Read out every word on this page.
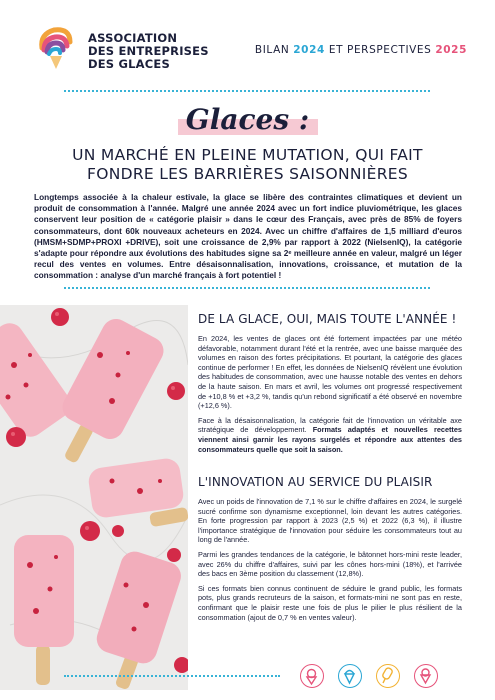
ASSOCIATION
DES ENTREPRISES
DES GLACES
BILAN 2024 ET PERSPECTIVES 2025
Glaces :
UN MARCHÉ EN PLEINE MUTATION, QUI FAIT
FONDRE LES BARRIÈRES SAISONNIÈRES
Longtemps associée à la chaleur estivale, la glace se libère des contraintes climatiques et devient un produit de consommation à l'année. Malgré une année 2024 avec un fort indice pluviométrique, les glaces conservent leur position de « catégorie plaisir » dans le cœur des Français, avec près de 85% de foyers consommateurs, dont 60k nouveaux acheteurs en 2024. Avec un chiffre d'affaires de 1,5 milliard d'euros (HMSM+SDMP+PROXI +DRIVE), soit une croissance de 2,9% par rapport à 2022 (NielsenIQ), la catégorie s'adapte pour répondre aux évolutions des habitudes signe sa 2ᵉ meilleure année en valeur, malgré un léger recul des ventes en volumes. Entre désaisonnalisation, innovations, croissance, et mutation de la consommation : analyse d'un marché français à fort potentiel !
DE LA GLACE, OUI, MAIS TOUTE L'ANNÉE !

En 2024, les ventes de glaces ont été fortement impactées par une météo défavorable, notamment durant l'été et la rentrée, avec une baisse marquée des volumes en raison des fortes précipitations. Et pourtant, la catégorie des glaces continue de performer ! En effet, les données de NielsenIQ révèlent une évolution des habitudes de consommation, avec une hausse notable des ventes en dehors de la haute saison. En mars et avril, les volumes ont progressé respectivement de +10,8 % et +3,2 %, tandis qu'un rebond significatif a été observé en novembre (+12,6 %).

Face à la désaisonnalisation, la catégorie fait de l'innovation un véritable axe stratégique de développement. Formats adaptés et nouvelles recettes viennent ainsi garnir les rayons surgelés et répondre aux attentes des consommateurs quelle que soit la saison.

L'INNOVATION AU SERVICE DU PLAISIR

Avec un poids de l'innovation de 7,1 % sur le chiffre d'affaires en 2024, le surgelé sucré confirme son dynamisme exceptionnel, loin devant les autres catégories. En forte progression par rapport à 2023 (2,5 %) et 2022 (6,3 %), il illustre l'importance stratégique de l'innovation pour séduire les consommateurs tout au long de l'année.

Parmi les grandes tendances de la catégorie, le bâtonnet hors-mini reste leader, avec 26% du chiffre d'affaires, suivi par les cônes hors-mini (18%), et l'arrivée des bacs en 3ème position du classement (12,8%).

Si ces formats bien connus continuent de séduire le grand public, les formats pots, plus grands recruteurs de la saison, et formats-mini ne sont pas en reste, confirmant que le plaisir reste une fois de plus le pilier le plus résilient de la consommation (ajout de 0,7 % en ventes valeur).
